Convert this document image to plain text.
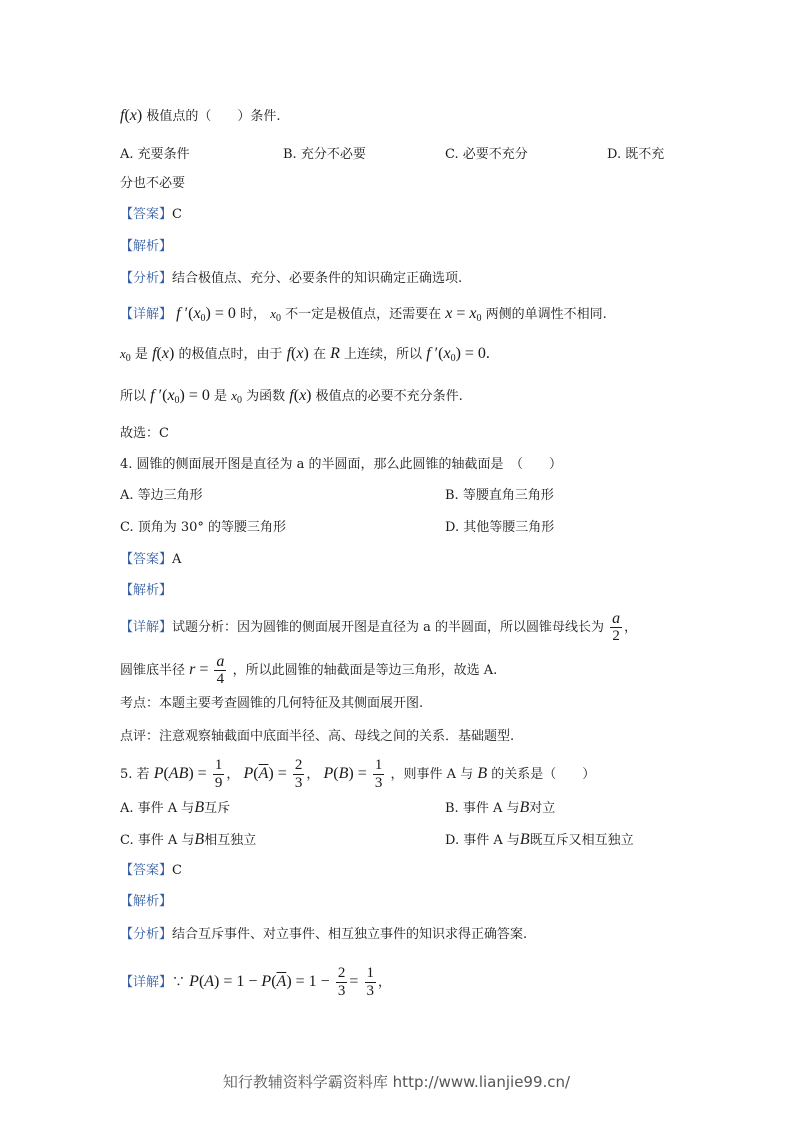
f(x) 极值点的（　　）条件.
A. 充要条件	B. 充分不必要	C. 必要不充分	D. 既不充
分也不必要
【答案】C
【解析】
【分析】结合极值点、充分、必要条件的知识确定正确选项.
【详解】 f $'(x_0) = 0$ 时， $x_0$ 不一定是极值点，还需要在 $x = x_0$ 两侧的单调性不相同.
$x_0$ 是 f(x) 的极值点时，由于 f(x) 在 R 上连续，所以 f $'(x_0) = 0$.
所以 f $'(x_0) = 0$ 是 $x_0$ 为函数 f(x) 极值点的必要不充分条件.
故选：C
4. 圆锥的侧面展开图是直径为 a 的半圆面，那么此圆锥的轴截面是　（　　）
A. 等边三角形	B. 等腰直角三角形
C. 顶角为 30° 的等腰三角形	D. 其他等腰三角形
【答案】A
【解析】
【详解】试题分析：因为圆锥的侧面展开图是直径为 a 的半圆面，所以圆锥母线长为 $\frac{a}{2}$ ，
圆锥底半径 $r = \frac{a}{4}$ ，所以此圆锥的轴截面是等边三角形，故选 A.
考点：本题主要考查圆锥的几何特征及其侧面展开图.
点评：注意观察轴截面中底面半径、高、母线之间的关系．基础题型.
5. 若 $P(AB) = \frac{1}{9}$ ， $P(\overline{A}) = \frac{2}{3}$ ， $P(B) = \frac{1}{3}$ ，则事件 A 与 B 的关系是（　　）
A. 事件 A 与B互斥	B. 事件 A 与B对立
C. 事件 A 与B相互独立	D. 事件 A 与B既互斥又相互独立
【答案】C
【解析】
【分析】结合互斥事件、对立事件、相互独立事件的知识求得正确答案.
【详解】∵ $P(A) = 1 - P(\overline{A}) = 1 - \frac{2}{3} = \frac{1}{3}$ ，
知行教辅资料学霸资料库 http://www.lianjie99.cn/
